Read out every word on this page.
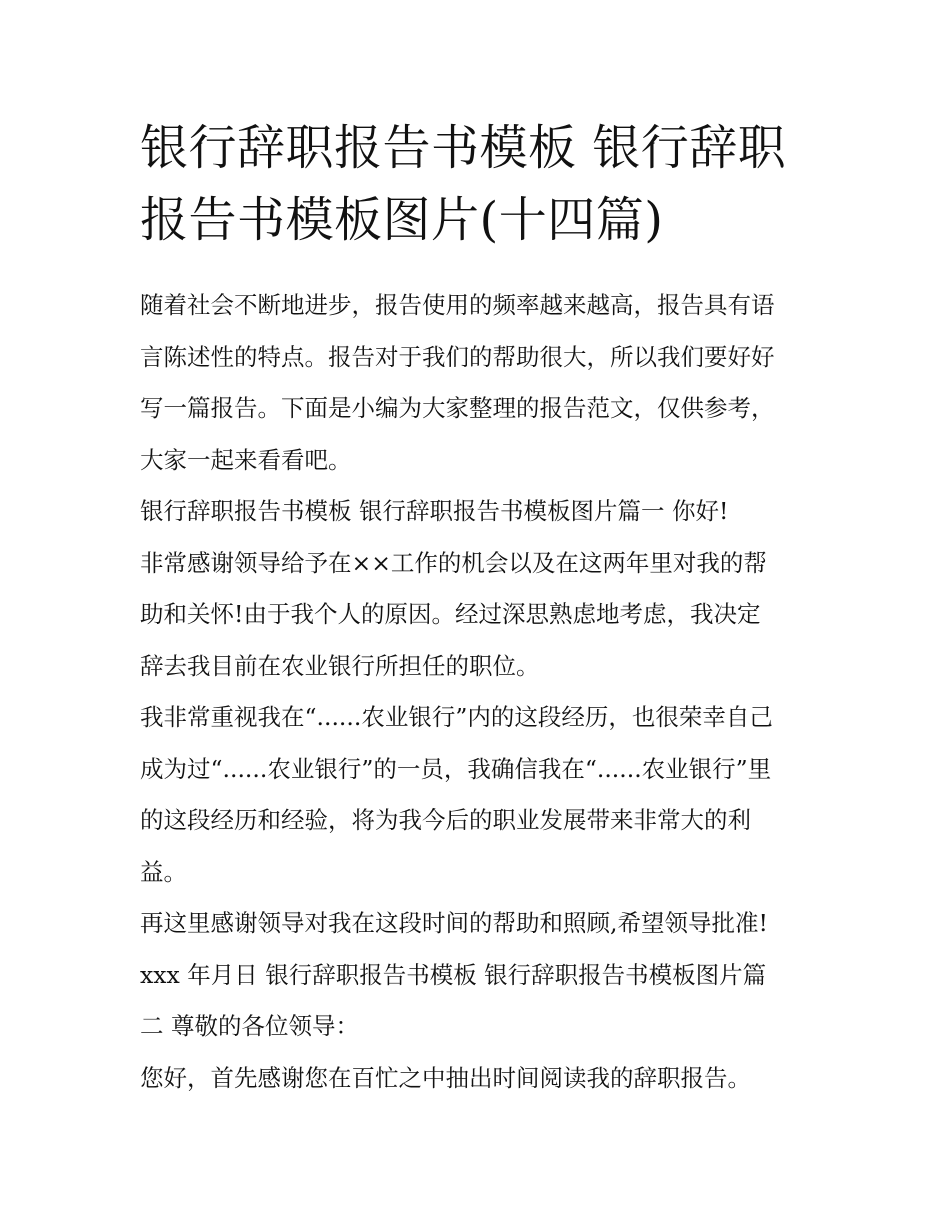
银行辞职报告书模板 银行辞职
报告书模板图片(十四篇)

随着社会不断地进步，报告使用的频率越来越高，报告具有语
言陈述性的特点。报告对于我们的帮助很大，所以我们要好好
写一篇报告。下面是小编为大家整理的报告范文，仅供参考，
大家一起来看看吧。

银行辞职报告书模板 银行辞职报告书模板图片篇一 你好!

非常感谢领导给予在××工作的机会以及在这两年里对我的帮
助和关怀!由于我个人的原因。经过深思熟虑地考虑，我决定
辞去我目前在农业银行所担任的职位。

我非常重视我在“......农业银行”内的这段经历，也很荣幸自己
成为过“......农业银行”的一员，我确信我在“......农业银行”里
的这段经历和经验，将为我今后的职业发展带来非常大的利
益。

再这里感谢领导对我在这段时间的帮助和照顾,希望领导批准!

xxx 年月日 银行辞职报告书模板 银行辞职报告书模板图片篇
二 尊敬的各位领导：

您好，首先感谢您在百忙之中抽出时间阅读我的辞职报告。
